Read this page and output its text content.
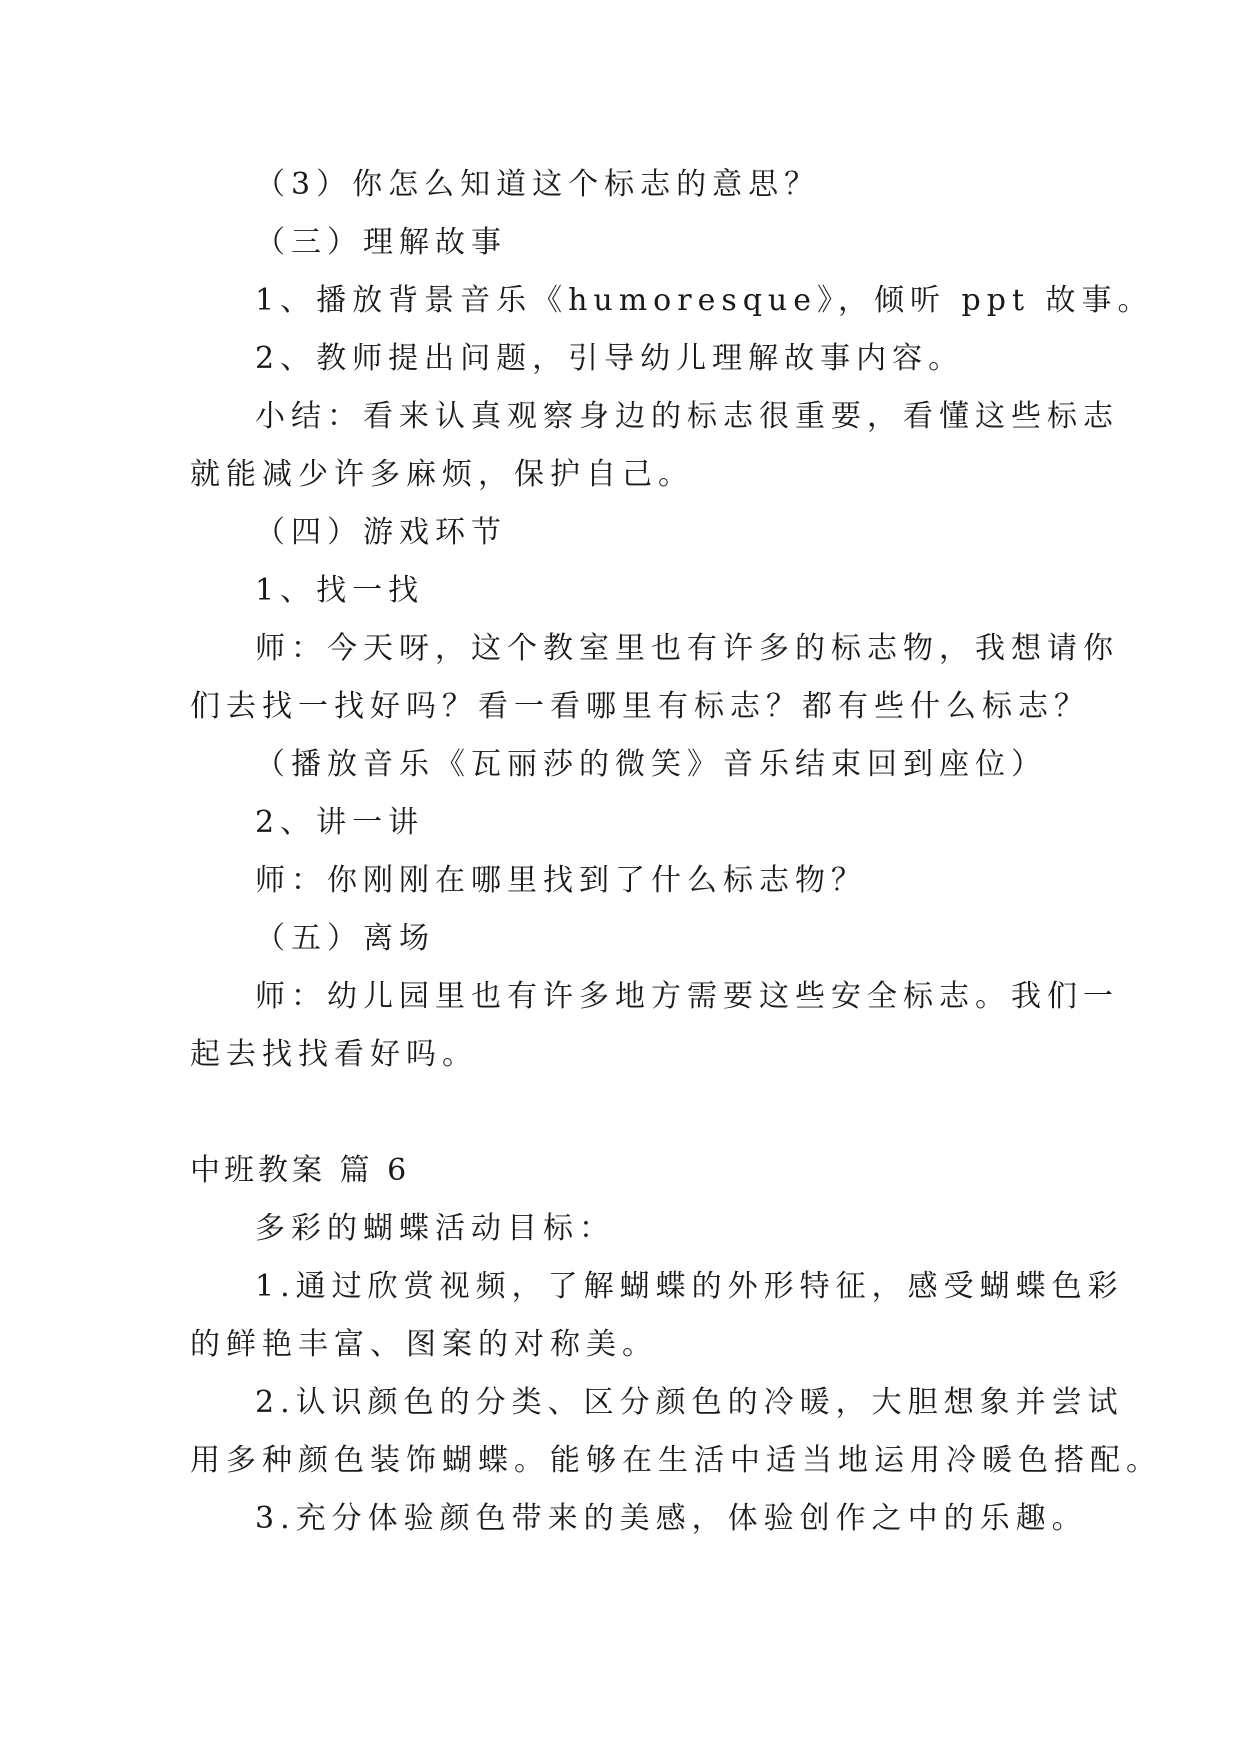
（3）你怎么知道这个标志的意思？
（三）理解故事
1、播放背景音乐《humoresque》，倾听 ppt 故事。
2、教师提出问题，引导幼儿理解故事内容。
小结：看来认真观察身边的标志很重要，看懂这些标志
就能减少许多麻烦，保护自己。
（四）游戏环节
1、找一找
师：今天呀，这个教室里也有许多的标志物，我想请你
们去找一找好吗？看一看哪里有标志？都有些什么标志？
（播放音乐《瓦丽莎的微笑》音乐结束回到座位）
2、讲一讲
师：你刚刚在哪里找到了什么标志物？
（五）离场
师：幼儿园里也有许多地方需要这些安全标志。我们一
起去找找看好吗。
中班教案 篇 6
多彩的蝴蝶活动目标：
1.通过欣赏视频，了解蝴蝶的外形特征，感受蝴蝶色彩
的鲜艳丰富、图案的对称美。
2.认识颜色的分类、区分颜色的冷暖，大胆想象并尝试
用多种颜色装饰蝴蝶。能够在生活中适当地运用冷暖色搭配。
3.充分体验颜色带来的美感，体验创作之中的乐趣。
